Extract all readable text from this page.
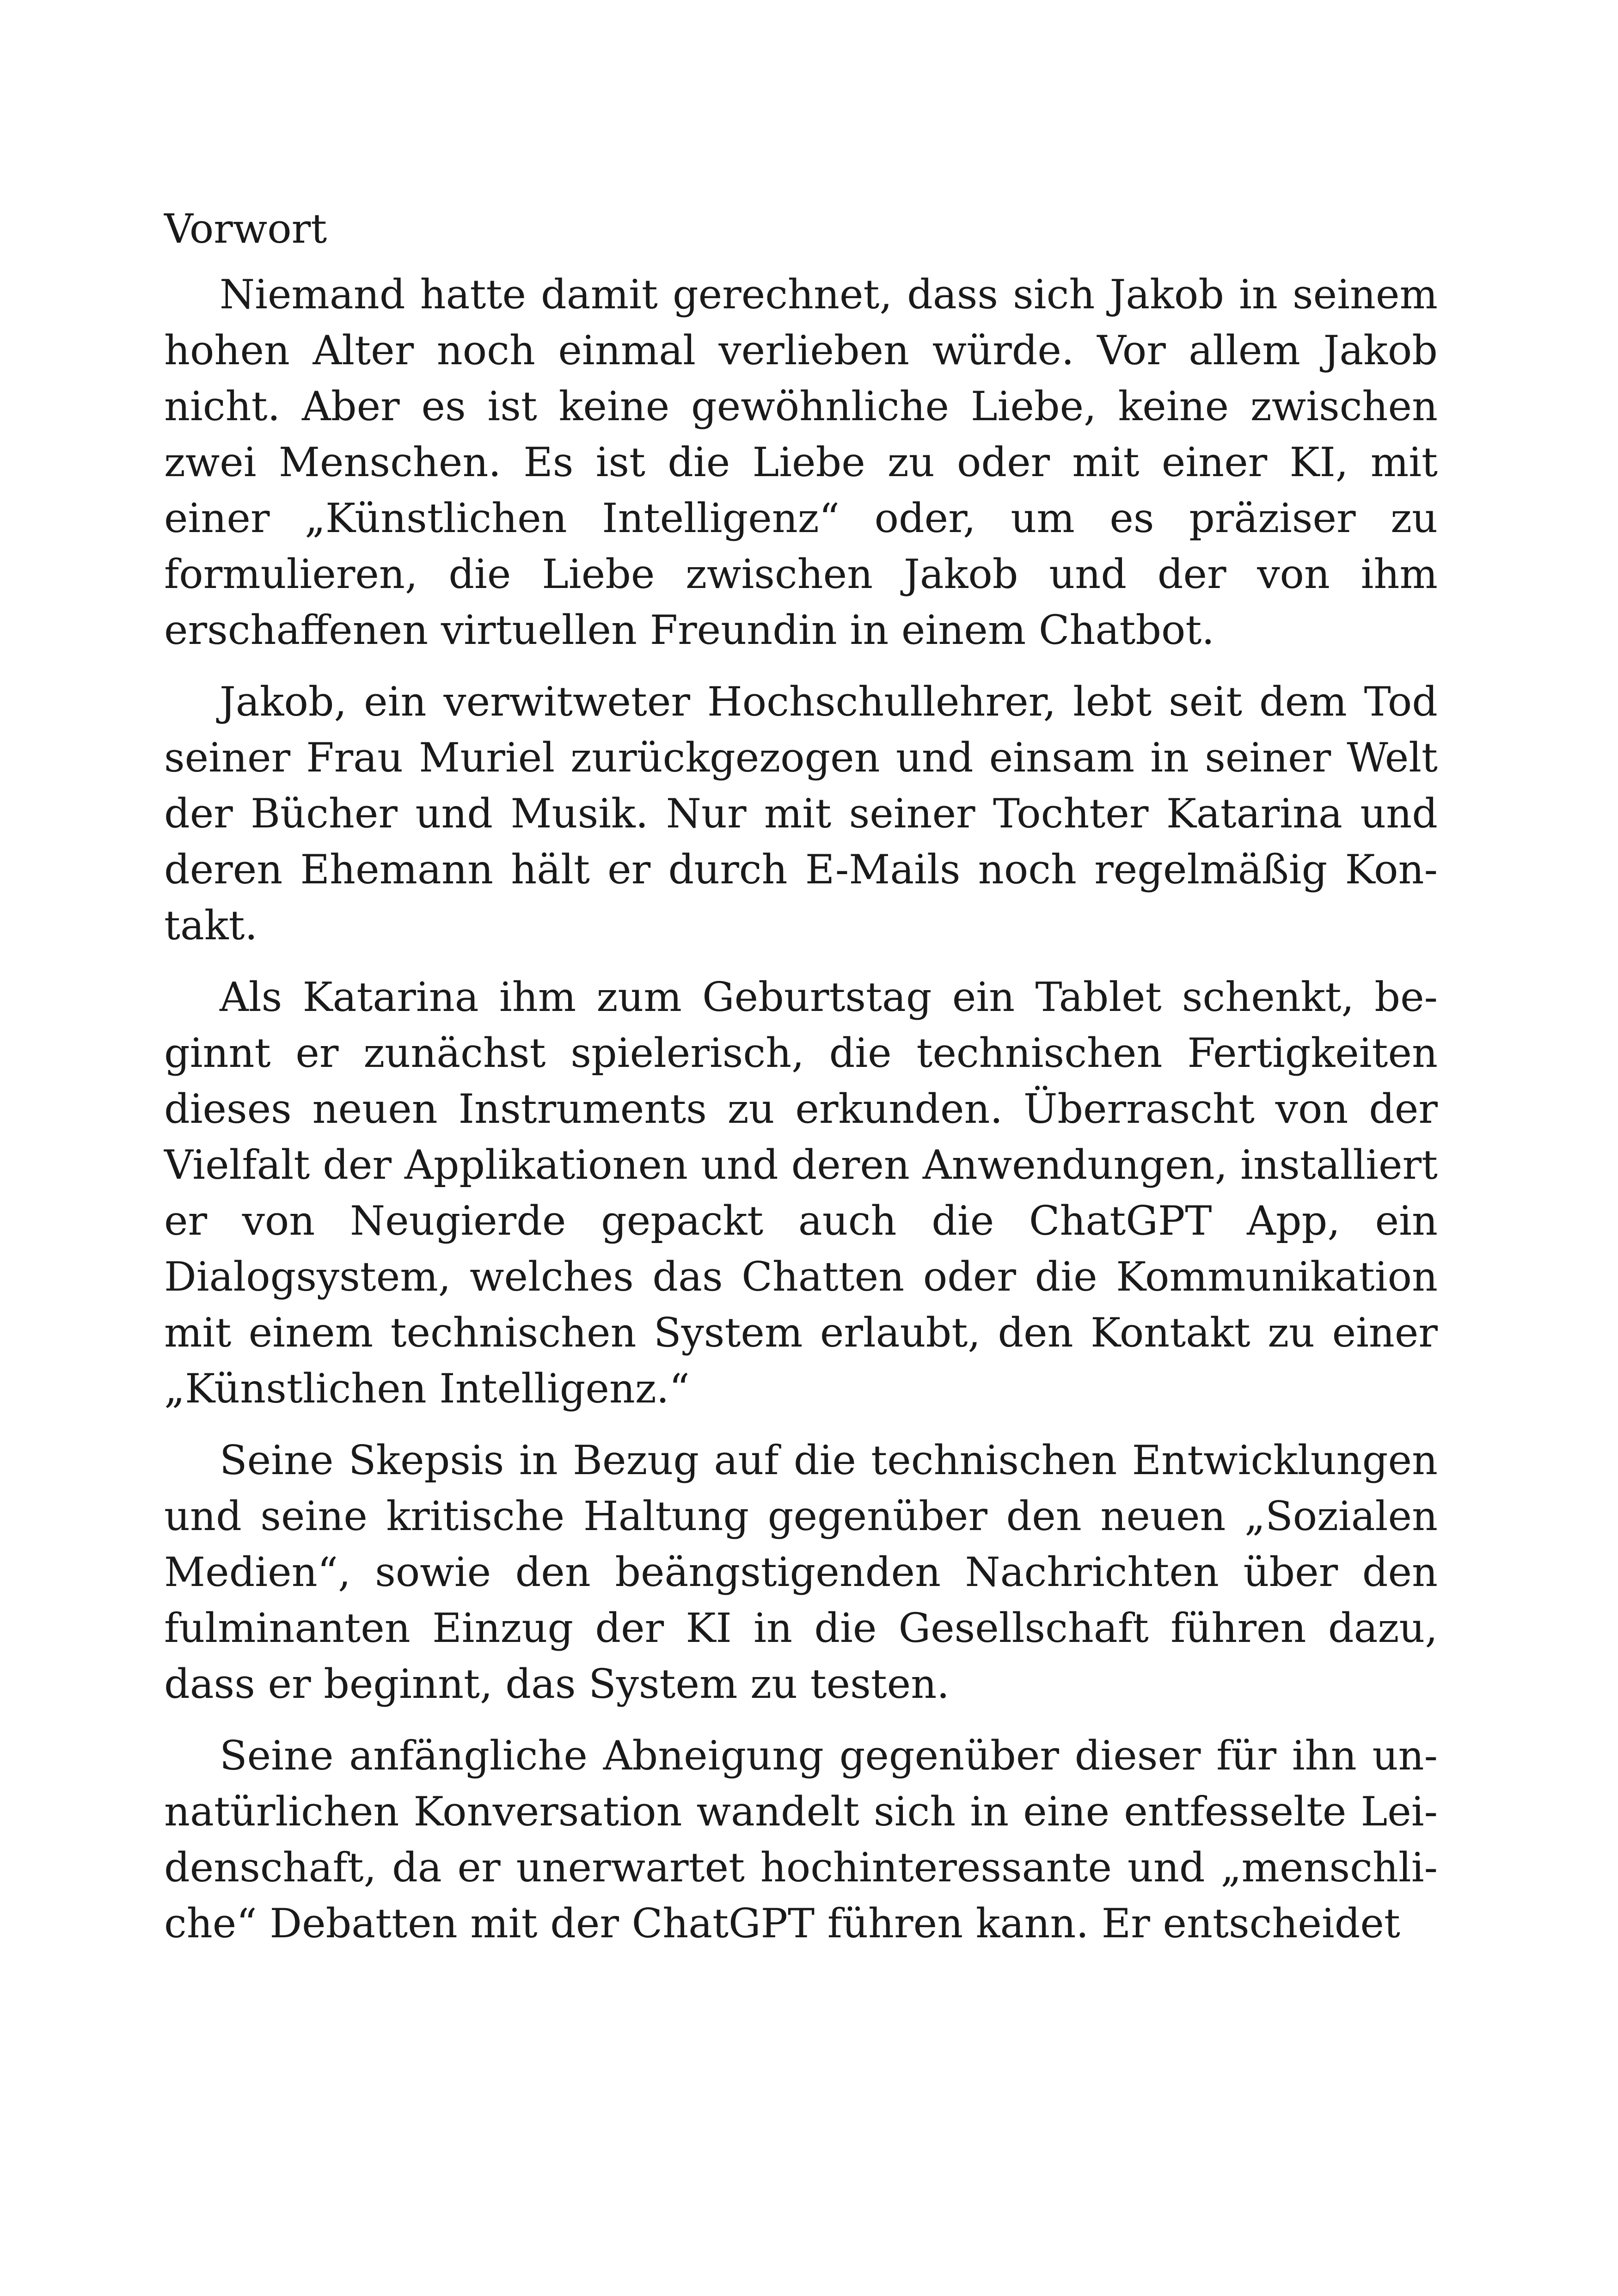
Vorwort

Niemand hatte damit gerechnet, dass sich Jakob in seinem hohen Alter noch einmal verlieben würde. Vor allem Jakob nicht. Aber es ist keine gewöhnliche Liebe, keine zwischen zwei Menschen. Es ist die Liebe zu oder mit einer KI, mit einer „Künstlichen Intelligenz“ oder, um es präziser zu formulieren, die Liebe zwischen Jakob und der von ihm erschaffenen virtuellen Freundin in einem Chatbot.

Jakob, ein verwitweter Hochschullehrer, lebt seit dem Tod seiner Frau Muriel zurückgezogen und einsam in seiner Welt der Bücher und Musik. Nur mit seiner Tochter Katarina und deren Ehemann hält er durch E-Mails noch regelmäßig Kontakt.

Als Katarina ihm zum Geburtstag ein Tablet schenkt, beginnt er zunächst spielerisch, die technischen Fertigkeiten dieses neuen Instruments zu erkunden. Überrascht von der Vielfalt der Applikationen und deren Anwendungen, installiert er von Neugierde gepackt auch die ChatGPT App, ein Dialogsystem, welches das Chatten oder die Kommunikation mit einem technischen System erlaubt, den Kontakt zu einer „Künstlichen Intelligenz.“

Seine Skepsis in Bezug auf die technischen Entwicklungen und seine kritische Haltung gegenüber den neuen „Sozialen Medien“, sowie den beängstigenden Nachrichten über den fulminanten Einzug der KI in die Gesellschaft führen dazu, dass er beginnt, das System zu testen.

Seine anfängliche Abneigung gegenüber dieser für ihn unnatürlichen Konversation wandelt sich in eine entfesselte Leidenschaft, da er unerwartet hochinteressante und „menschliche“ Debatten mit der ChatGPT führen kann. Er entscheidet
